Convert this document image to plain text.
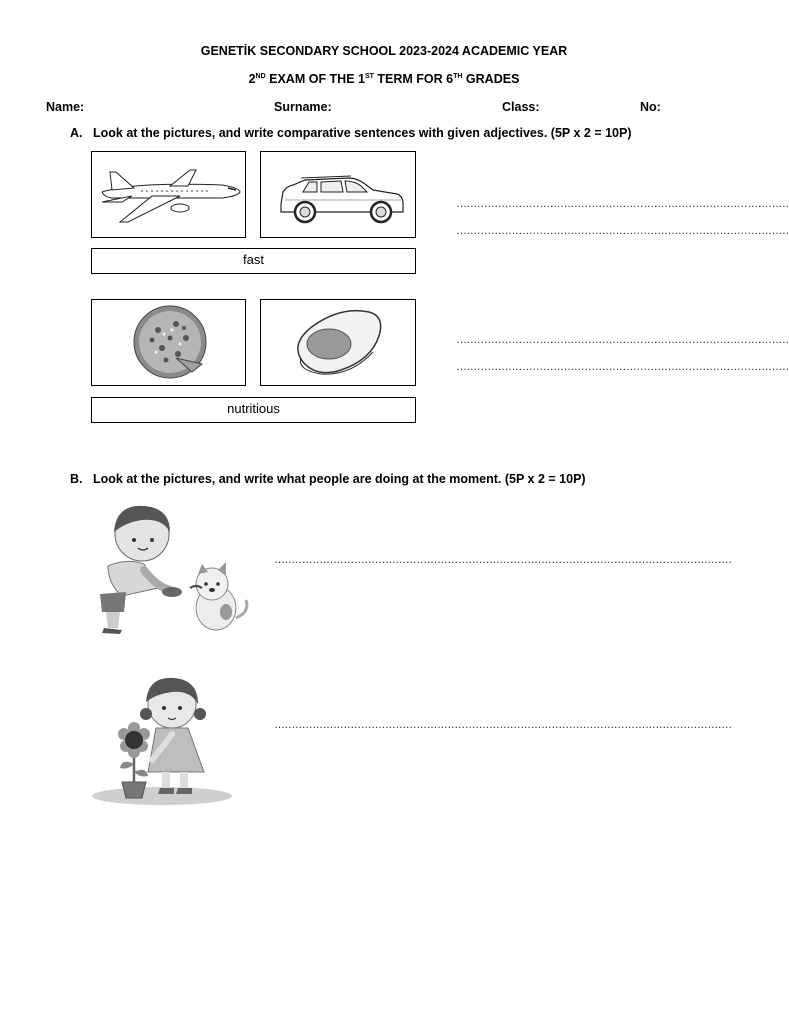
GENETİK SECONDARY SCHOOL 2023-2024 ACADEMIC YEAR
2ND EXAM OF THE 1ST TERM FOR 6TH GRADES
Name:	Surname:	Class:	No:
A. Look at the pictures, and write comparative sentences with given adjectives. (5P x 2 = 10P)
fast
……………………………………………………………………………………
……………………………………………………………………………………
nutritious
……………………………………………………………………………………
……………………………………………………………………………………
B. Look at the pictures, and write what people are doing at the moment. (5P x 2 = 10P)
……………………………………………………………………………………………………………………
……………………………………………………………………………………………………………………
